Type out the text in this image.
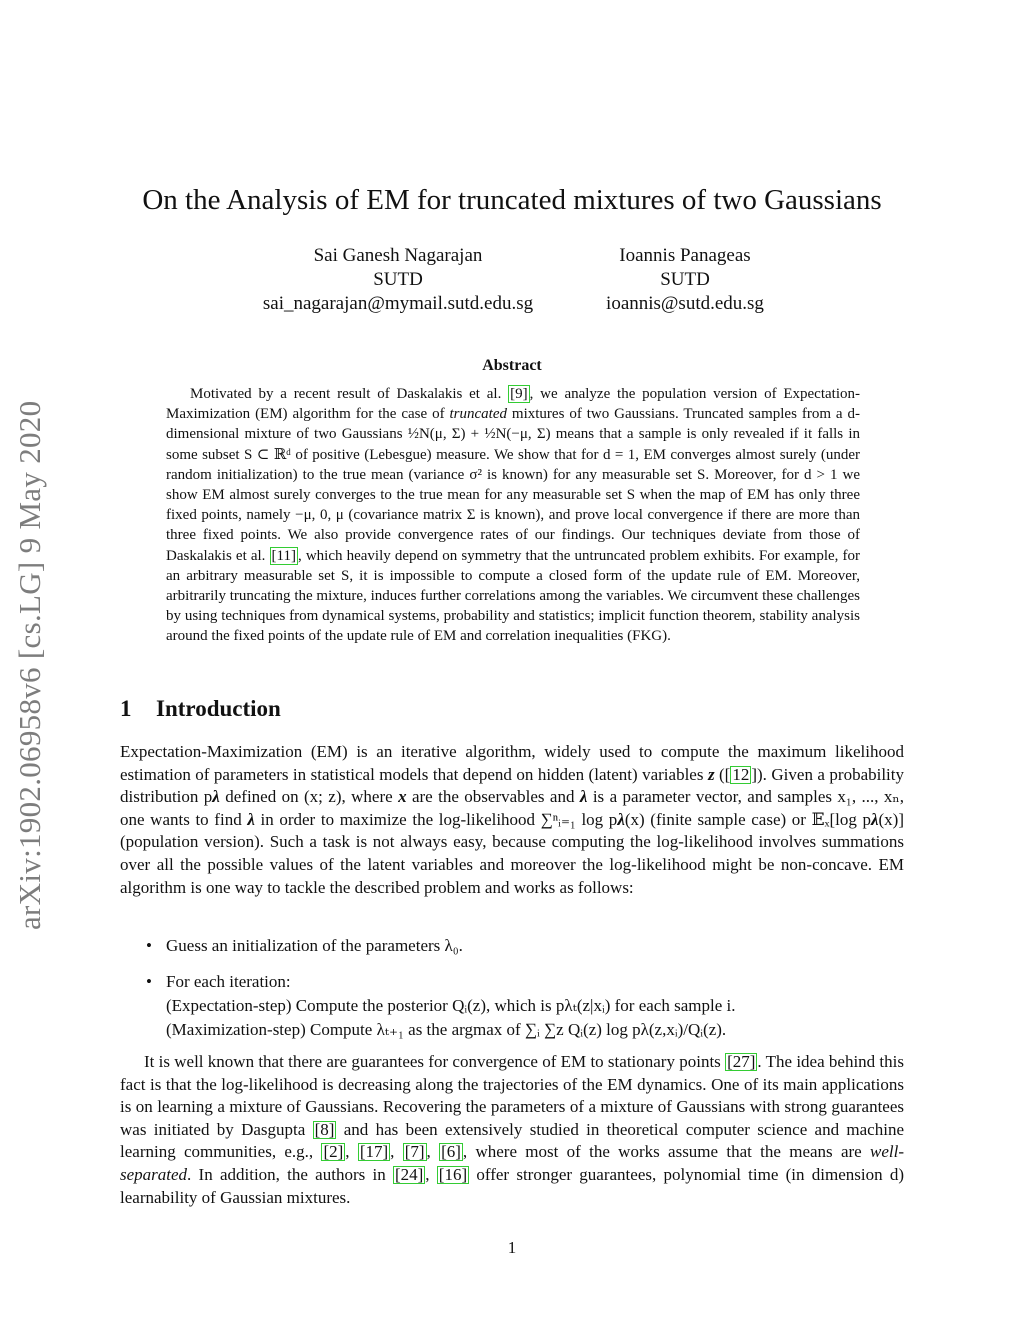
arXiv:1902.06958v6 [cs.LG] 9 May 2020
On the Analysis of EM for truncated mixtures of two Gaussians
Sai Ganesh Nagarajan
SUTD
sai_nagarajan@mymail.sutd.edu.sg
Ioannis Panageas
SUTD
ioannis@sutd.edu.sg
Abstract
Motivated by a recent result of Daskalakis et al. [9] , we analyze the population version of Expectation-Maximization (EM) algorithm for the case of truncated mixtures of two Gaussians. Truncated samples from a d-dimensional mixture of two Gaussians ½N(μ, Σ) + ½N(−μ, Σ) means that a sample is only revealed if it falls in some subset S ⊂ ℝᵈ of positive (Lebesgue) measure. We show that for d = 1, EM converges almost surely (under random initialization) to the true mean (variance σ² is known) for any measurable set S. Moreover, for d > 1 we show EM almost surely converges to the true mean for any measurable set S when the map of EM has only three fixed points, namely −μ, 0, μ (covariance matrix Σ is known), and prove local convergence if there are more than three fixed points. We also provide convergence rates of our findings. Our techniques deviate from those of Daskalakis et al. [11] , which heavily depend on symmetry that the untruncated problem exhibits. For example, for an arbitrary measurable set S, it is impossible to compute a closed form of the update rule of EM. Moreover, arbitrarily truncating the mixture, induces further correlations among the variables. We circumvent these challenges by using techniques from dynamical systems, probability and statistics; implicit function theorem, stability analysis around the fixed points of the update rule of EM and correlation inequalities (FKG).
1 Introduction
Expectation-Maximization (EM) is an iterative algorithm, widely used to compute the maximum likelihood estimation of parameters in statistical models that depend on hidden (latent) variables z ([ 12 ]). Given a probability distribution pλ defined on (x; z), where x are the observables and λ is a parameter vector, and samples x₁, ..., xₙ, one wants to find λ in order to maximize the log-likelihood ∑ⁿᵢ₌₁ log pλ(x) (finite sample case) or 𝔼ₓ[log pλ(x)] (population version). Such a task is not always easy, because computing the log-likelihood involves summations over all the possible values of the latent variables and moreover the log-likelihood might be non-concave. EM algorithm is one way to tackle the described problem and works as follows:
• Guess an initialization of the parameters λ₀.
• For each iteration:
(Expectation-step) Compute the posterior Qᵢ(z), which is pλₜ(z|xᵢ) for each sample i.
(Maximization-step) Compute λₜ₊₁ as the argmax of ∑ᵢ ∑z Qᵢ(z) log pλ(z,xᵢ)/Qᵢ(z).
It is well known that there are guarantees for convergence of EM to stationary points [27] . The idea behind this fact is that the log-likelihood is decreasing along the trajectories of the EM dynamics. One of its main applications is on learning a mixture of Gaussians. Recovering the parameters of a mixture of Gaussians with strong guarantees was initiated by Dasgupta [8] and has been extensively studied in theoretical computer science and machine learning communities, e.g., [2] , [17] , [7] , [6] , where most of the works assume that the means are well-separated. In addition, the authors in [24] , [16] offer stronger guarantees, polynomial time (in dimension d) learnability of Gaussian mixtures.
1
